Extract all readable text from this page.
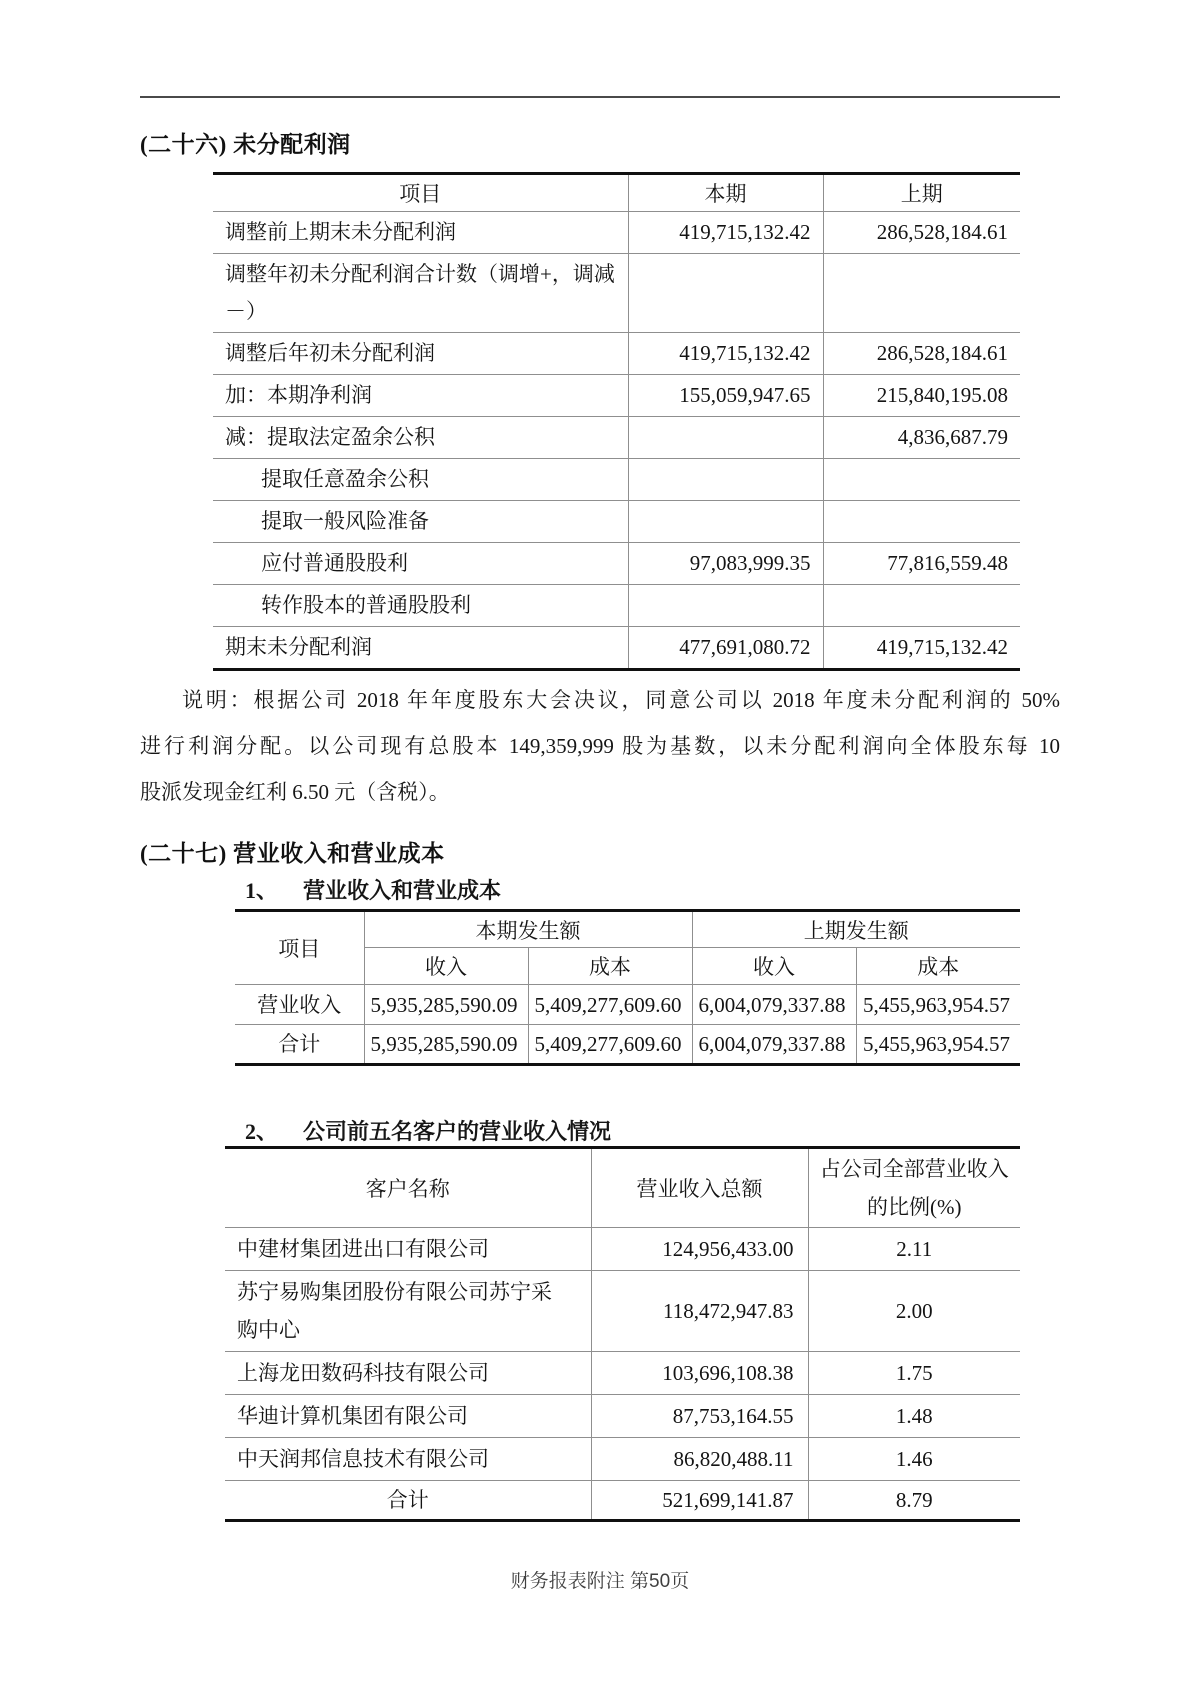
(二十六) 未分配利润
项目	本期	上期
调整前上期末未分配利润	419,715,132.42	286,528,184.61
调整年初未分配利润合计数（调增+，调减－）		
调整后年初未分配利润	419,715,132.42	286,528,184.61
加：本期净利润	155,059,947.65	215,840,195.08
减：提取法定盈余公积		4,836,687.79
提取任意盈余公积		
提取一般风险准备		
应付普通股股利	97,083,999.35	77,816,559.48
转作股本的普通股股利		
期末未分配利润	477,691,080.72	419,715,132.42
说明：根据公司 2018 年年度股东大会决议，同意公司以 2018 年度未分配利润的 50%
进行利润分配。以公司现有总股本 149,359,999 股为基数，以未分配利润向全体股东每 10
股派发现金红利 6.50 元（含税）。
(二十七) 营业收入和营业成本
1、	营业收入和营业成本
项目	本期发生额		上期发生额	
	收入	成本	收入	成本
营业收入	5,935,285,590.09	5,409,277,609.60	6,004,079,337.88	5,455,963,954.57
合计	5,935,285,590.09	5,409,277,609.60	6,004,079,337.88	5,455,963,954.57
2、	公司前五名客户的营业收入情况
客户名称	营业收入总额	占公司全部营业收入
的比例(%)

中建材集团进出口有限公司	124,956,433.00	2.11
苏宁易购集团股份有限公司苏宁采购中心	118,472,947.83	2.00
上海龙田数码科技有限公司	103,696,108.38	1.75
华迪计算机集团有限公司	87,753,164.55	1.48
中天润邦信息技术有限公司	86,820,488.11	1.46
合计	521,699,141.87	8.79
财务报表附注 第50页
